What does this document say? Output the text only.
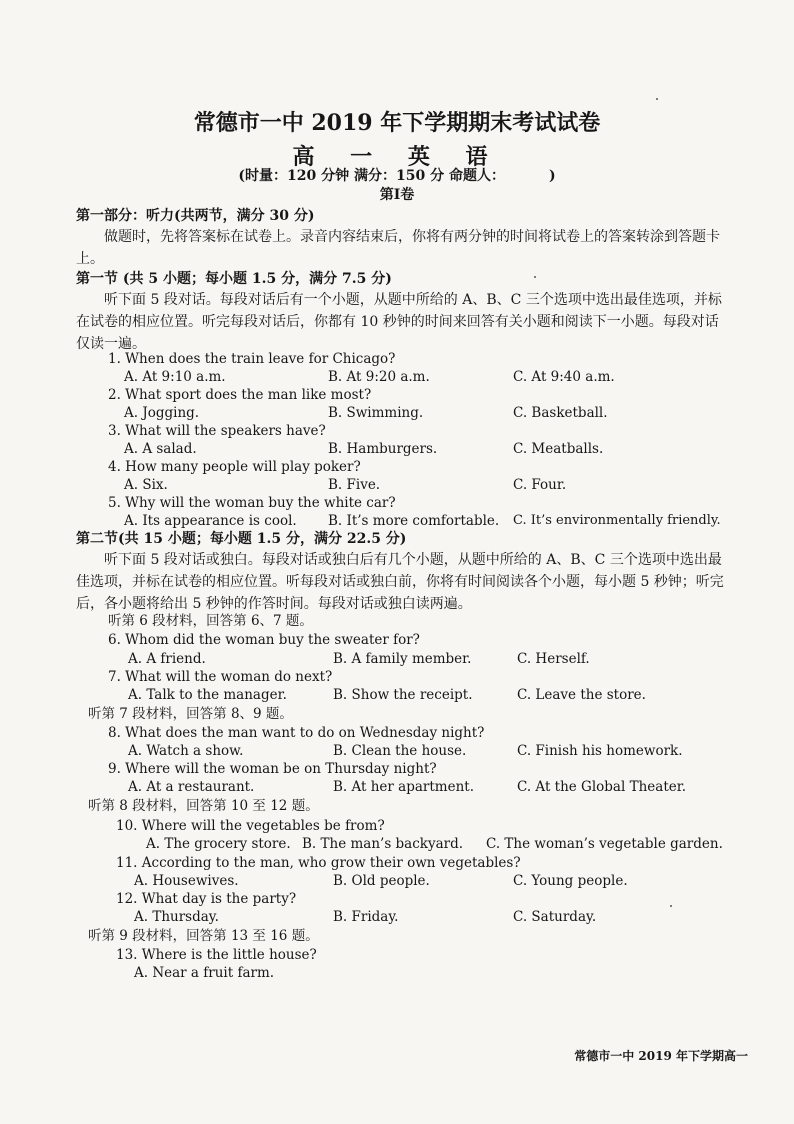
常德市一中 2019 年下学期期末考试试卷
高 一 英 语
(时量：120 分钟 满分：150 分 命题人：	)
第Ⅰ卷
第一部分：听力(共两节，满分 30 分)
做题时，先将答案标在试卷上。录音内容结束后，你将有两分钟的时间将试卷上的答案转涂到答题卡上。
第一节 (共 5 小题；每小题 1.5 分，满分 7.5 分)
听下面 5 段对话。每段对话后有一个小题，从题中所给的 A、B、C 三个选项中选出最佳选项，并标在试卷的相应位置。听完每段对话后，你都有 10 秒钟的时间来回答有关小题和阅读下一小题。每段对话仅读一遍。
1. When does the train leave for Chicago?
A. At 9:10 a.m.	B. At 9:20 a.m.	C. At 9:40 a.m.
2. What sport does the man like most?
A. Jogging.	B. Swimming.	C. Basketball.
3. What will the speakers have?
A. A salad.	B. Hamburgers.	C. Meatballs.
4. How many people will play poker?
A. Six.	B. Five.	C. Four.
5. Why will the woman buy the white car?
A. Its appearance is cool. B. It’s more comfortable. C. It’s environmentally friendly.
第二节(共 15 小题；每小题 1.5 分，满分 22.5 分)
听下面 5 段对话或独白。每段对话或独白后有几个小题，从题中所给的 A、B、C 三个选项中选出最佳选项，并标在试卷的相应位置。听每段对话或独白前，你将有时间阅读各个小题，每小题 5 秒钟；听完后，各小题将给出 5 秒钟的作答时间。每段对话或独白读两遍。
听第 6 段材料，回答第 6、7 题。
6. Whom did the woman buy the sweater for?
A. A friend.	B. A family member.	C. Herself.
7. What will the woman do next?
A. Talk to the manager.	B. Show the receipt.	C. Leave the store.
听第 7 段材料，回答第 8、9 题。
8. What does the man want to do on Wednesday night?
A. Watch a show.	B. Clean the house.	C. Finish his homework.
9. Where will the woman be on Thursday night?
A. At a restaurant.	B. At her apartment.	C. At the Global Theater.
听第 8 段材料，回答第 10 至 12 题。
10. Where will the vegetables be from?
A. The grocery store. B. The man’s backyard. C. The woman’s vegetable garden.
11. According to the man, who grow their own vegetables?
A. Housewives.	B. Old people.	C. Young people.
12. What day is the party?
A. Thursday.	B. Friday.	C. Saturday.
听第 9 段材料，回答第 13 至 16 题。
13. Where is the little house?
A. Near a fruit farm.
常德市一中 2019 年下学期高一
